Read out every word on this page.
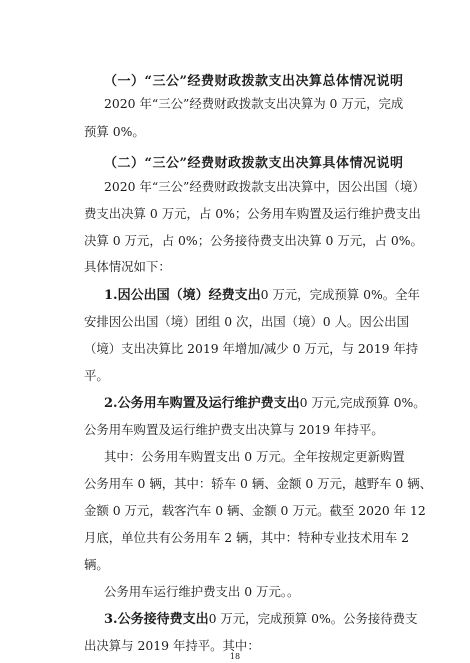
（一）“三公”经费财政拨款支出决算总体情况说明
2020 年“三公”经费财政拨款支出决算为 0 万元，完成
预算 0%。
（二）“三公”经费财政拨款支出决算具体情况说明
2020 年“三公”经费财政拨款支出决算中，因公出国（境）
费支出决算 0 万元，占 0%；公务用车购置及运行维护费支出
决算 0 万元，占 0%；公务接待费支出决算 0 万元，占 0%。
具体情况如下：
1.因公出国（境）经费支出0 万元，完成预算 0%。全年
安排因公出国（境）团组 0 次，出国（境）0 人。因公出国
（境）支出决算比 2019 年增加/减少 0 万元，与 2019 年持
平。
2.公务用车购置及运行维护费支出0 万元,完成预算 0%。
公务用车购置及运行维护费支出决算与 2019 年持平。
其中：公务用车购置支出 0 万元。全年按规定更新购置
公务用车 0 辆，其中：轿车 0 辆、金额 0 万元，越野车 0 辆、
金额 0 万元，载客汽车 0 辆、金额 0 万元。截至 2020 年 12
月底，单位共有公务用车 2 辆，其中：特种专业技术用车 2
辆。
公务用车运行维护费支出 0 万元。。
3.公务接待费支出0 万元，完成预算 0%。公务接待费支
出决算与 2019 年持平。其中：
18
